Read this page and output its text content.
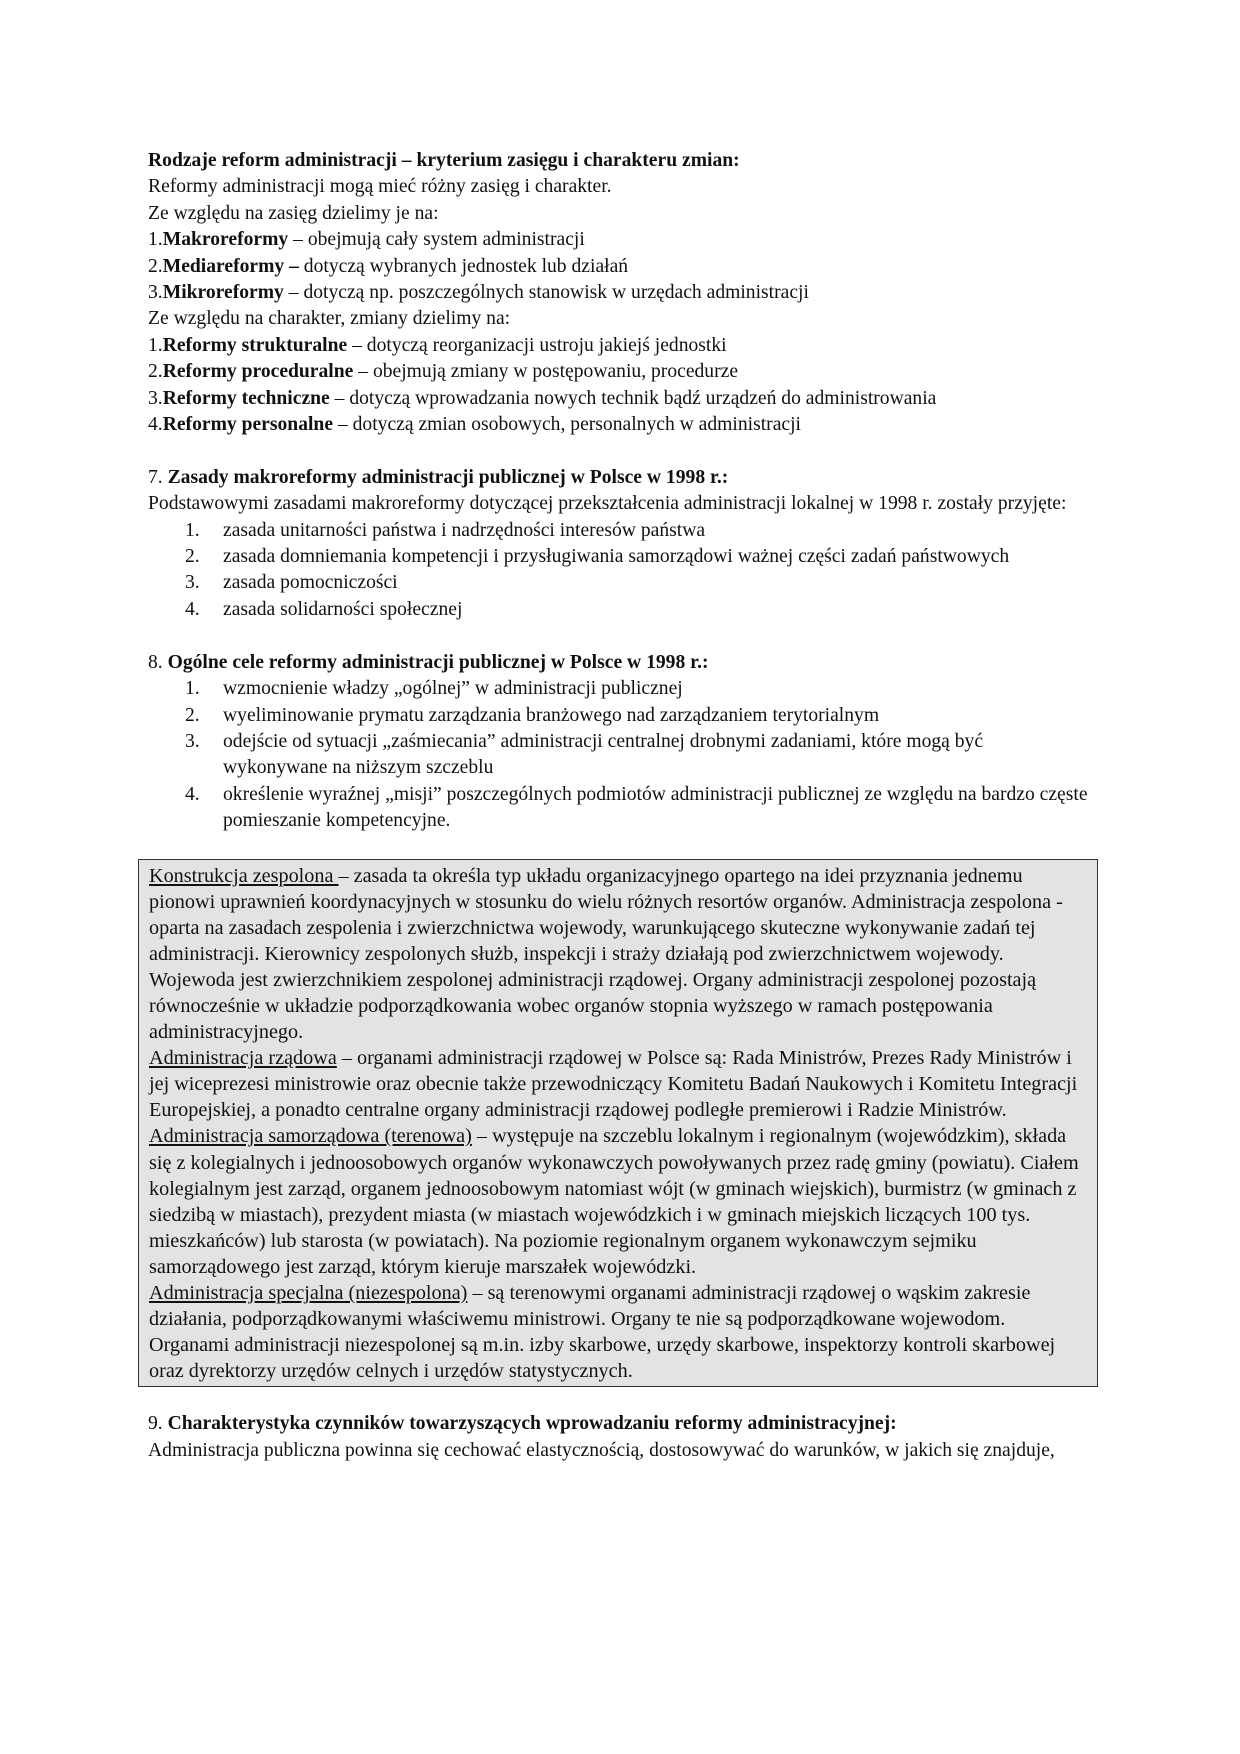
Rodzaje reform administracji – kryterium zasięgu i charakteru zmian:

Reformy administracji mogą mieć różny zasięg i charakter.

Ze względu na zasięg dzielimy je na:

1.Makroreformy – obejmują cały system administracji

2.Mediareformy – dotyczą wybranych jednostek lub działań

3.Mikroreformy – dotyczą np. poszczególnych stanowisk w urzędach administracji

Ze względu na charakter, zmiany dzielimy na:

1.Reformy strukturalne – dotyczą reorganizacji ustroju jakiejś jednostki

2.Reformy proceduralne – obejmują zmiany w postępowaniu, procedurze

3.Reformy techniczne – dotyczą wprowadzania nowych technik bądź urządzeń do administrowania

4.Reformy personalne – dotyczą zmian osobowych, personalnych w administracji

7. Zasady makroreformy administracji publicznej w Polsce w 1998 r.:

Podstawowymi zasadami makroreformy dotyczącej przekształcenia administracji lokalnej w 1998 r. zostały przyjęte:

1. zasada unitarności państwa i nadrzędności interesów państwa
2. zasada domniemania kompetencji i przysługiwania samorządowi ważnej części zadań państwowych
3. zasada pomocniczości
4. zasada solidarności społecznej

8. Ogólne cele reformy administracji publicznej w Polsce w 1998 r.:

1. wzmocnienie władzy „ogólnej” w administracji publicznej
2. wyeliminowanie prymatu zarządzania branżowego nad zarządzaniem terytorialnym
3. odejście od sytuacji „zaśmiecania” administracji centralnej drobnymi zadaniami, które mogą być wykonywane na niższym szczeblu
4. określenie wyraźnej „misji” poszczególnych podmiotów administracji publicznej ze względu na bardzo częste pomieszanie kompetencyjne.

Konstrukcja zespolona – zasada ta określa typ układu organizacyjnego opartego na idei przyznania jednemu pionowi uprawnień koordynacyjnych w stosunku do wielu różnych resortów organów. Administracja zespolona - oparta na zasadach zespolenia i zwierzchnictwa wojewody, warunkującego skuteczne wykonywanie zadań tej administracji. Kierownicy zespolonych służb, inspekcji i straży działają pod zwierzchnictwem wojewody. Wojewoda jest zwierzchnikiem zespolonej administracji rządowej. Organy administracji zespolonej pozostają równocześnie w układzie podporządkowania wobec organów stopnia wyższego w ramach postępowania administracyjnego.

Administracja rządowa – organami administracji rządowej w Polsce są: Rada Ministrów, Prezes Rady Ministrów i jej wiceprezesi ministrowie oraz obecnie także przewodniczący Komitetu Badań Naukowych i Komitetu Integracji Europejskiej, a ponadto centralne organy administracji rządowej podległe premierowi i Radzie Ministrów.

Administracja samorządowa (terenowa) – występuje na szczeblu lokalnym i regionalnym (wojewódzkim), składa się z kolegialnych i jednoosobowych organów wykonawczych powoływanych przez radę gminy (powiatu). Ciałem kolegialnym jest zarząd, organem jednoosobowym natomiast wójt (w gminach wiejskich), burmistrz (w gminach z siedzibą w miastach), prezydent miasta (w miastach wojewódzkich i w gminach miejskich liczących 100 tys. mieszkańców) lub starosta (w powiatach). Na poziomie regionalnym organem wykonawczym sejmiku samorządowego jest zarząd, którym kieruje marszałek wojewódzki.

Administracja specjalna (niezespolona) – są terenowymi organami administracji rządowej o wąskim zakresie działania, podporządkowanymi właściwemu ministrowi. Organy te nie są podporządkowane wojewodom. Organami administracji niezespolonej są m.in. izby skarbowe, urzędy skarbowe, inspektorzy kontroli skarbowej oraz dyrektorzy urzędów celnych i urzędów statystycznych.

9. Charakterystyka czynników towarzyszących wprowadzaniu reformy administracyjnej:

Administracja publiczna powinna się cechować elastycznością, dostosowywać do warunków, w jakich się znajduje,
